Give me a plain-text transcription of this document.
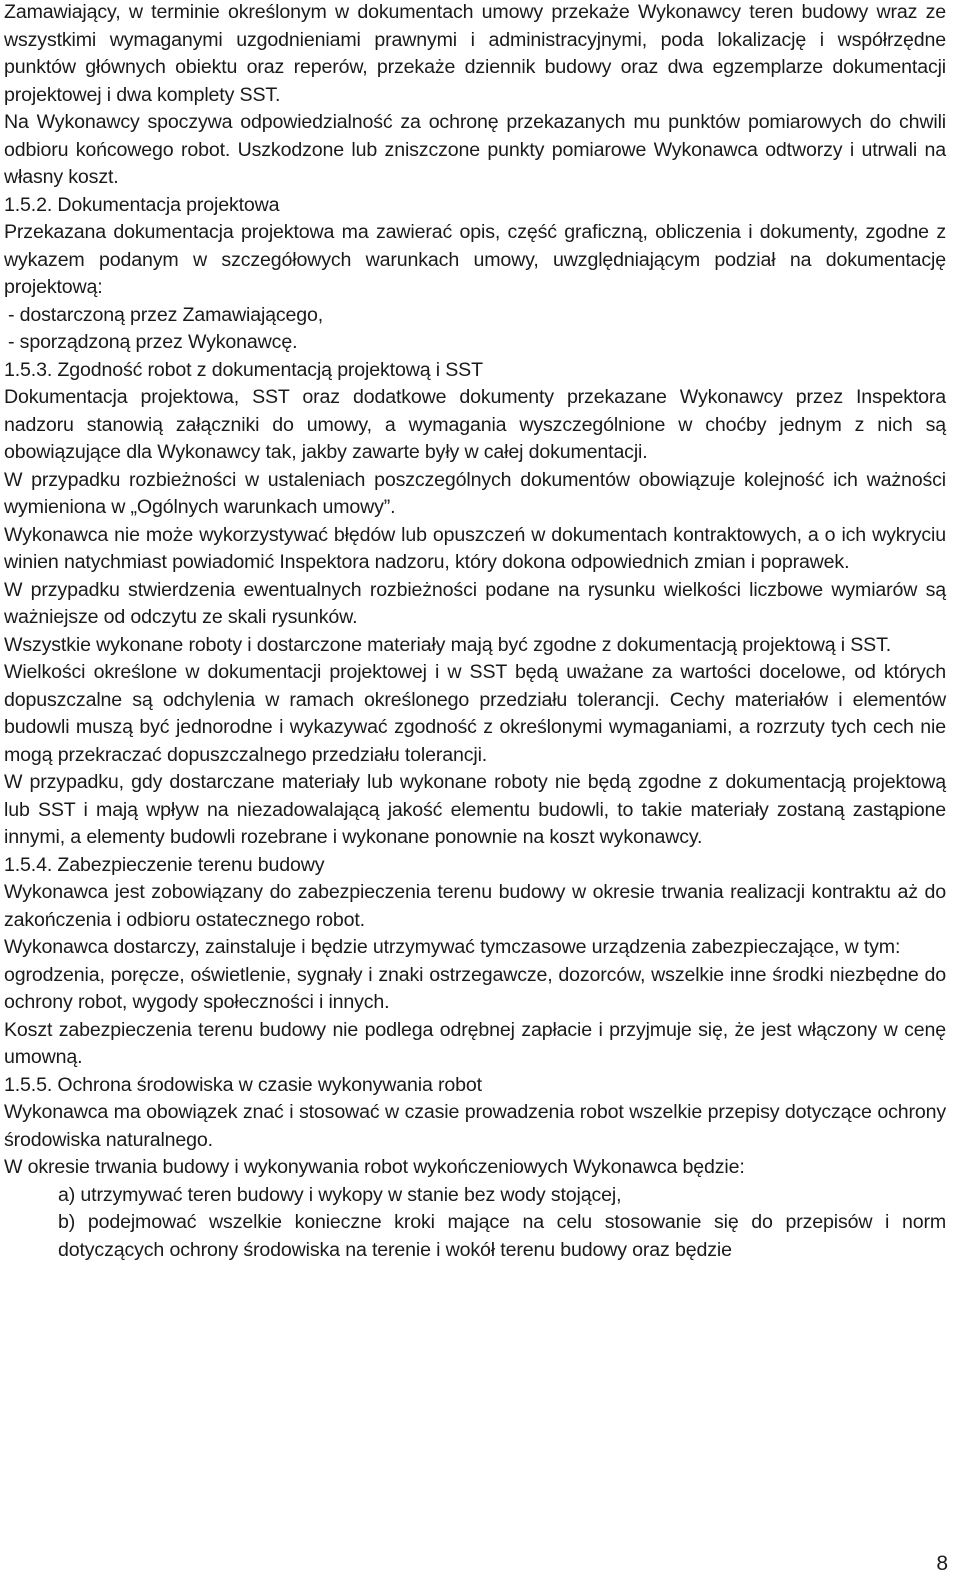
Zamawiający, w terminie określonym w dokumentach umowy przekaże Wykonawcy teren budowy wraz ze wszystkimi wymaganymi uzgodnieniami prawnymi i administracyjnymi, poda lokalizację i współrzędne punktów głównych obiektu oraz reperów, przekaże dziennik budowy oraz dwa egzemplarze dokumentacji projektowej i dwa komplety SST.

Na Wykonawcy spoczywa odpowiedzialność za ochronę przekazanych mu punktów pomiarowych do chwili odbioru końcowego robot. Uszkodzone lub zniszczone punkty pomiarowe Wykonawca odtworzy i utrwali na własny koszt.

1.5.2. Dokumentacja projektowa

Przekazana dokumentacja projektowa ma zawierać opis, część graficzną, obliczenia i dokumenty, zgodne z wykazem podanym w szczegółowych warunkach umowy, uwzględniającym podział na dokumentację projektową:

- dostarczoną przez Zamawiającego,

- sporządzoną przez Wykonawcę.

1.5.3. Zgodność robot z dokumentacją projektową i SST

Dokumentacja projektowa, SST oraz dodatkowe dokumenty przekazane Wykonawcy przez Inspektora nadzoru stanowią załączniki do umowy, a wymagania wyszczególnione w choćby jednym z nich są obowiązujące dla Wykonawcy tak, jakby zawarte były w całej dokumentacji.

W przypadku rozbieżności w ustaleniach poszczególnych dokumentów obowiązuje kolejność ich ważności wymieniona w „Ogólnych warunkach umowy”.

Wykonawca nie może wykorzystywać błędów lub opuszczeń w dokumentach kontraktowych, a o ich wykryciu winien natychmiast powiadomić Inspektora nadzoru, który dokona odpowiednich zmian i poprawek.

W przypadku stwierdzenia ewentualnych rozbieżności podane na rysunku wielkości liczbowe wymiarów są ważniejsze od odczytu ze skali rysunków.

Wszystkie wykonane roboty i dostarczone materiały mają być zgodne z dokumentacją projektową i SST.

Wielkości określone w dokumentacji projektowej i w SST będą uważane za wartości docelowe, od których dopuszczalne są odchylenia w ramach określonego przedziału tolerancji. Cechy materiałów i elementów budowli muszą być jednorodne i wykazywać zgodność z określonymi wymaganiami, a rozrzuty tych cech nie mogą przekraczać dopuszczalnego przedziału tolerancji.

W przypadku, gdy dostarczane materiały lub wykonane roboty nie będą zgodne z dokumentacją projektową lub SST i mają wpływ na niezadowalającą jakość elementu budowli, to takie materiały zostaną zastąpione innymi, a elementy budowli rozebrane i wykonane ponownie na koszt wykonawcy.

1.5.4. Zabezpieczenie terenu budowy

Wykonawca jest zobowiązany do zabezpieczenia terenu budowy w okresie trwania realizacji kontraktu aż do zakończenia i odbioru ostatecznego robot.

Wykonawca dostarczy, zainstaluje i będzie utrzymywać tymczasowe urządzenia zabezpieczające, w tym:

ogrodzenia, poręcze, oświetlenie, sygnały i znaki ostrzegawcze, dozorców, wszelkie inne środki niezbędne do ochrony robot, wygody społeczności i innych.

Koszt zabezpieczenia terenu budowy nie podlega odrębnej zapłacie i przyjmuje się, że jest włączony w cenę umowną.

1.5.5. Ochrona środowiska w czasie wykonywania robot

Wykonawca ma obowiązek znać i stosować w czasie prowadzenia robot wszelkie przepisy dotyczące ochrony środowiska naturalnego.

W okresie trwania budowy i wykonywania robot wykończeniowych Wykonawca będzie:

a) utrzymywać teren budowy i wykopy w stanie bez wody stojącej,

b) podejmować wszelkie konieczne kroki mające na celu stosowanie się do przepisów i norm dotyczących ochrony środowiska na terenie i wokół terenu budowy oraz będzie

8
